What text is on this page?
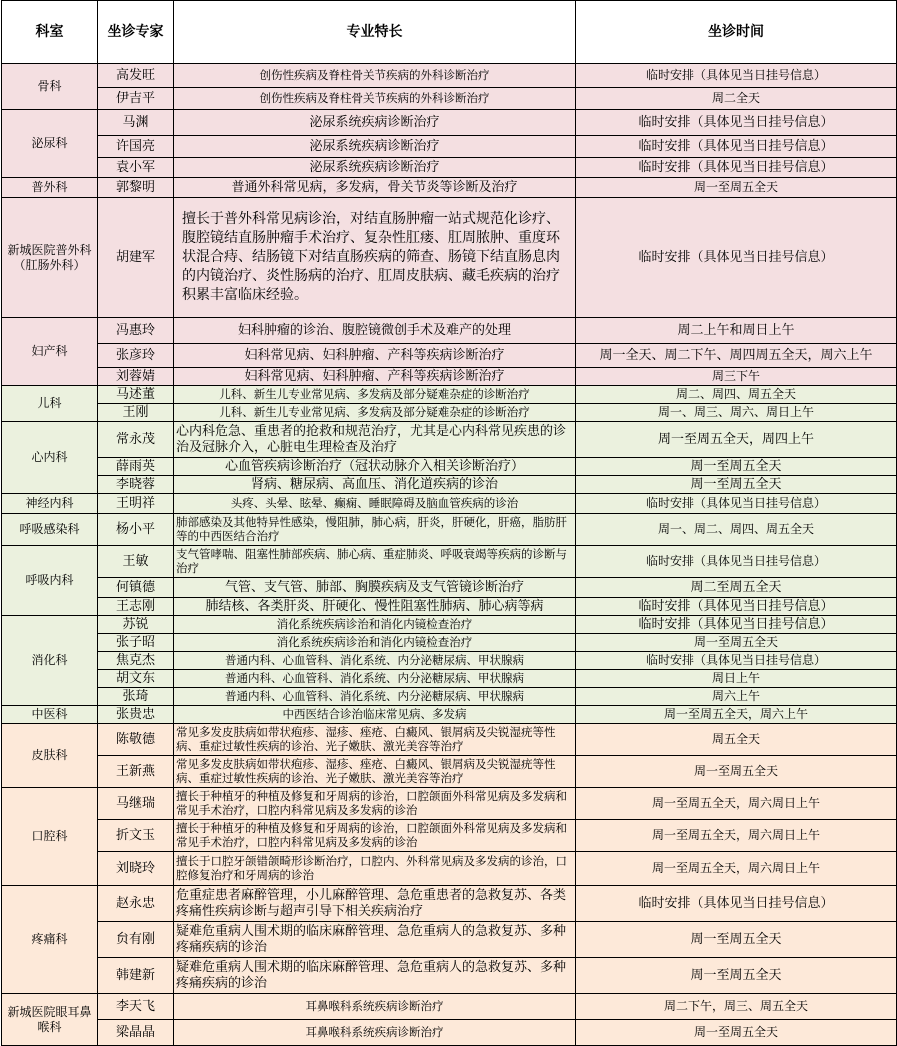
科室	坐诊专家	专业特长	坐诊时间
骨科	高发旺	创伤性疾病及脊柱骨关节疾病的外科诊断治疗	临时安排（具体见当日挂号信息）
	伊吉平	创伤性疾病及脊柱骨关节疾病的外科诊断治疗	周二全天
泌尿科	马渊	泌尿系统疾病诊断治疗	临时安排（具体见当日挂号信息）
	许国亮	泌尿系统疾病诊断治疗	临时安排（具体见当日挂号信息）
	袁小军	泌尿系统疾病诊断治疗	临时安排（具体见当日挂号信息）
普外科	郭黎明	普通外科常见病，多发病，骨关节炎等诊断及治疗	周一至周五全天
新城医院普外科（肛肠外科）	胡建军	擅长于普外科常见病诊治，对结直肠肿瘤一站式规范化诊疗、腹腔镜结直肠肿瘤手术治疗、复杂性肛瘘、肛周脓肿、重度环状混合痔、结肠镜下对结直肠疾病的筛查、肠镜下结直肠息肉的内镜治疗、炎性肠病的治疗、肛周皮肤病、藏毛疾病的治疗积累丰富临床经验。	临时安排（具体见当日挂号信息）
妇产科	冯惠玲	妇科肿瘤的诊治、腹腔镜微创手术及难产的处理	周二上午和周日上午
	张彦玲	妇科常见病、妇科肿瘤、产科等疾病诊断治疗	周一全天、周二下午、周四周五全天，周六上午
	刘蓉婧	妇科常见病、妇科肿瘤、产科等疾病诊断治疗	周三下午
儿科	马述董	儿科、新生儿专业常见病、多发病及部分疑难杂症的诊断治疗	周二、周四、周五全天
	王刚	儿科、新生儿专业常见病、多发病及部分疑难杂症的诊断治疗	周一、周三、周六、周日上午
心内科	常永茂	心内科危急、重患者的抢救和规范治疗，尤其是心内科常见疾患的诊治及冠脉介入，心脏电生理检查及治疗	周一至周五全天，周四上午
	薛雨英	心血管疾病诊断治疗（冠状动脉介入相关诊断治疗）	周一至周五全天
	李晓蓉	肾病、糖尿病、高血压、消化道疾病的诊治	周一至周五全天
神经内科	王明祥	头疼、头晕、眩晕、癫痫、睡眠障碍及脑血管疾病的诊治	临时安排（具体见当日挂号信息）
呼吸感染科	杨小平	肺部感染及其他特异性感染，慢阻肺，肺心病，肝炎，肝硬化，肝癌，脂肪肝等的中西医结合治疗	周一、周二、周四、周五全天
呼吸内科	王敏	支气管哮喘、阻塞性肺部疾病、肺心病、重症肺炎、呼吸衰竭等疾病的诊断与治疗	临时安排（具体见当日挂号信息）
	何镇德	气管、支气管、肺部、胸膜疾病及支气管镜诊断治疗	周二至周五全天
	王志刚	肺结核、各类肝炎、肝硬化、慢性阻塞性肺病、肺心病等病	临时安排（具体见当日挂号信息）
消化科	苏锐	消化系统疾病诊治和消化内镜检查治疗	临时安排（具体见当日挂号信息）
	张子昭	消化系统疾病诊治和消化内镜检查治疗	周一至周五全天
	焦克杰	普通内科、心血管科、消化系统、内分泌糖尿病、甲状腺病	临时安排（具体见当日挂号信息）
	胡文东	普通内科、心血管科、消化系统、内分泌糖尿病、甲状腺病	周日上午
	张琦	普通内科、心血管科、消化系统、内分泌糖尿病、甲状腺病	周六上午
中医科	张贵忠	中西医结合诊治临床常见病、多发病	周一至周五全天，周六上午
皮肤科	陈敬德	常见多发皮肤病如带状疱疹、湿疹、痤疮、白癜风、银屑病及尖锐湿疣等性病、重症过敏性疾病的诊治、光子嫩肤、激光美容等治疗	周五全天
	王新燕	常见多发皮肤病如带状疱疹、湿疹、痤疮、白癜风、银屑病及尖锐湿疣等性病、重症过敏性疾病的诊治、光子嫩肤、激光美容等治疗	周一至周五全天
口腔科	马继瑞	擅长于种植牙的种植及修复和牙周病的诊治，口腔颌面外科常见病及多发病和常见手术治疗，口腔内科常见病及多发病的诊治	周一至周五全天，周六周日上午
	折文玉	擅长于种植牙的种植及修复和牙周病的诊治，口腔颌面外科常见病及多发病和常见手术治疗，口腔内科常见病及多发病的诊治	周一至周五全天，周六周日上午
	刘晓玲	擅长于口腔牙颌错颌畸形诊断治疗，口腔内、外科常见病及多发病的诊治，口腔修复治疗和牙周病的诊治	周一至周五全天，周六周日上午
疼痛科	赵永忠	危重症患者麻醉管理，小儿麻醉管理、急危重患者的急救复苏、各类疼痛性疾病诊断与超声引导下相关疾病治疗	临时安排（具体见当日挂号信息）
	贠有刚	疑难危重病人围术期的临床麻醉管理、急危重病人的急救复苏、多种疼痛疾病的诊治	周一至周五全天
	韩建新	疑难危重病人围术期的临床麻醉管理、急危重病人的急救复苏、多种疼痛疾病的诊治	周一至周五全天
新城医院眼耳鼻喉科	李天飞	耳鼻喉科系统疾病诊断治疗	周二下午，周三、周五全天
	梁晶晶	耳鼻喉科系统疾病诊断治疗	周一至周五全天
